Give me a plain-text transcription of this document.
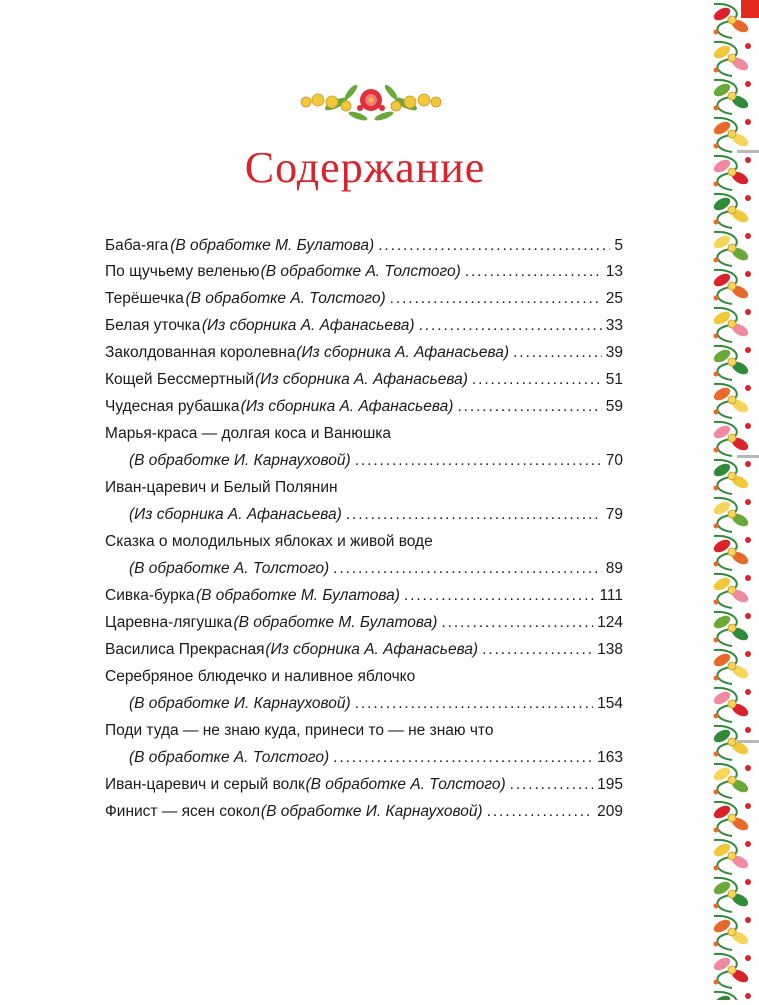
Содержание
Баба-яга (В обработке М. Булатова) . . .	5
По щучьему веленью (В обработке А. Толстого) . . .	13
Терёшечка (В обработке А. Толстого) . . .	25
Белая уточка (Из сборника А. Афанасьева) . . .	33
Заколдованная королевна (Из сборника А. Афанасьева) . . .	39
Кощей Бессмертный (Из сборника А. Афанасьева) . . .	51
Чудесная рубашка (Из сборника А. Афанасьева) . . .	59
Марья-краса — долгая коса и Ванюшка
(В обработке И. Карнауховой) . . .	70
Иван-царевич и Белый Полянин
(Из сборника А. Афанасьева) . . .	79
Сказка о молодильных яблоках и живой воде
(В обработке А. Толстого) . . .	89
Сивка-бурка (В обработке М. Булатова) . . .	111
Царевна-лягушка (В обработке М. Булатова) . . .	124
Василиса Прекрасная (Из сборника А. Афанасьева) . . .	138
Серебряное блюдечко и наливное яблочко
(В обработке И. Карнауховой) . . .	154
Поди туда — не знаю куда, принеси то — не знаю что
(В обработке А. Толстого) . . .	163
Иван-царевич и серый волк (В обработке А. Толстого) . . .	195
Финист — ясен сокол (В обработке И. Карнауховой) . . .	209
